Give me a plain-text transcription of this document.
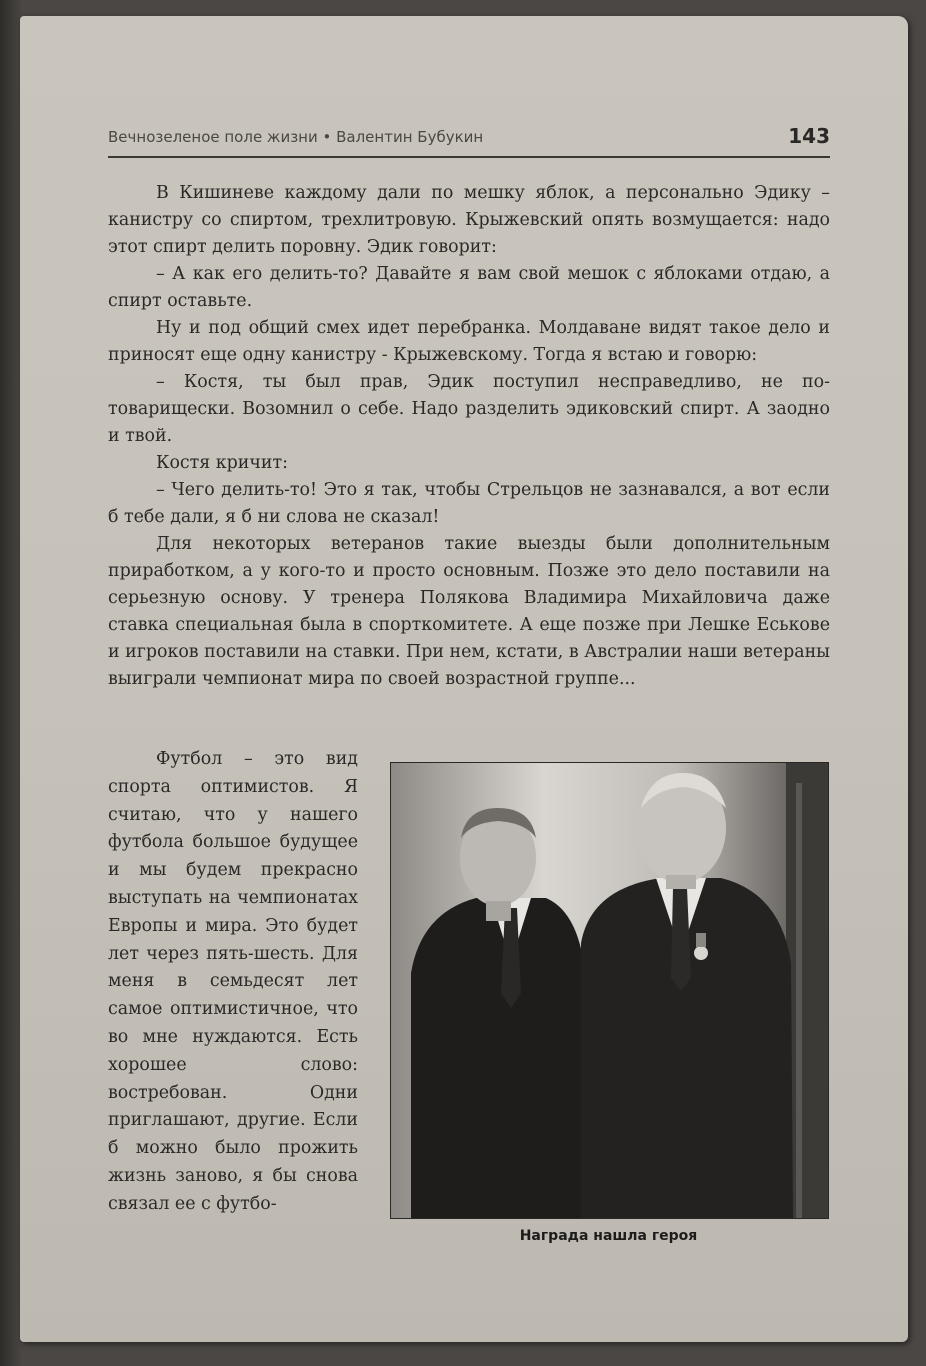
Вечнозеленое поле жизни • Валентин Бубукин	143

В Кишиневе каждому дали по мешку яблок, а персонально Эдику – канистру со спиртом, трехлитровую. Крыжевский опять возмущается: надо этот спирт делить поровну. Эдик говорит:

– А как его делить-то? Давайте я вам свой мешок с яблоками отдаю, а спирт оставьте.

Ну и под общий смех идет перебранка. Молдаване видят такое дело и приносят еще одну канистру - Крыжевскому. Тогда я встаю и говорю:

– Костя, ты был прав, Эдик поступил несправедливо, не по-товарищески. Возомнил о себе. Надо разделить эдиковский спирт. А заодно и твой.

Костя кричит:

– Чего делить-то! Это я так, чтобы Стрельцов не зазнавался, а вот если б тебе дали, я б ни слова не сказал!

Для некоторых ветеранов такие выезды были дополнительным приработком, а у кого-то и просто основным. Позже это дело поставили на серьезную основу. У тренера Полякова Владимира Михайловича даже ставка специальная была в спорткомитете. А еще позже при Лешке Еськове и игроков поставили на ставки. При нем, кстати, в Австралии наши ветераны выиграли чемпионат мира по своей возрастной группе...

Футбол – это вид спорта оптимистов. Я считаю, что у нашего футбола большое будущее и мы будем прекрасно выступать на чемпионатах Европы и мира. Это будет лет через пять-шесть. Для меня в семьдесят лет самое оптимистичное, что во мне нуждаются. Есть хорошее слово: востребован. Одни приглашают, другие. Если б можно было прожить жизнь заново, я бы снова связал ее с футбо-

Награда нашла героя
